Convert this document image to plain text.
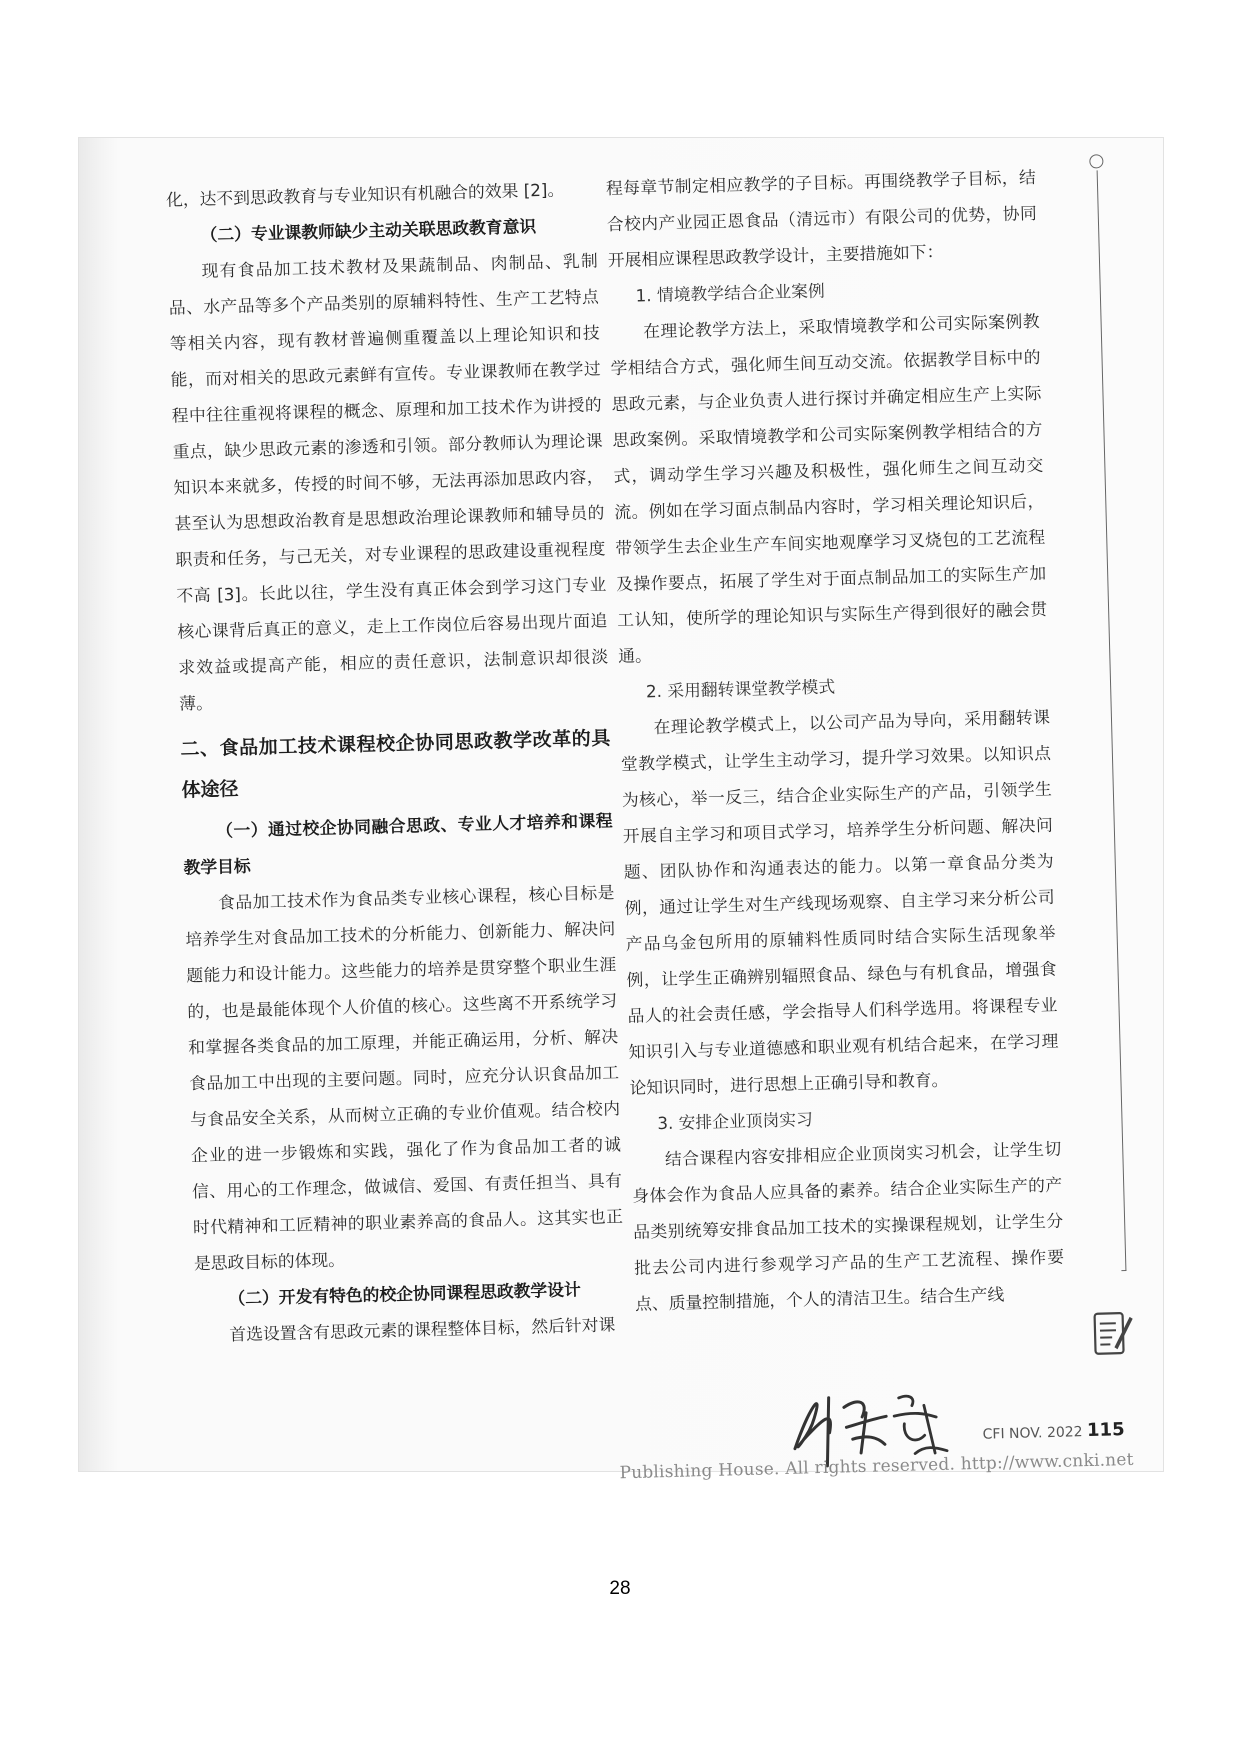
化，达不到思政教育与专业知识有机融合的效果 [2]。

（二）专业课教师缺少主动关联思政教育意识

现有食品加工技术教材及果蔬制品、肉制品、乳制品、水产品等多个产品类别的原辅料特性、生产工艺特点等相关内容，现有教材普遍侧重覆盖以上理论知识和技能，而对相关的思政元素鲜有宣传。专业课教师在教学过程中往往重视将课程的概念、原理和加工技术作为讲授的重点，缺少思政元素的渗透和引领。部分教师认为理论课知识本来就多，传授的时间不够，无法再添加思政内容，甚至认为思想政治教育是思想政治理论课教师和辅导员的职责和任务，与己无关，对专业课程的思政建设重视程度不高 [3]。长此以往，学生没有真正体会到学习这门专业核心课背后真正的意义，走上工作岗位后容易出现片面追求效益或提高产能，相应的责任意识，法制意识却很淡薄。

二、食品加工技术课程校企协同思政教学改革的具体途径

（一）通过校企协同融合思政、专业人才培养和课程教学目标

食品加工技术作为食品类专业核心课程，核心目标是培养学生对食品加工技术的分析能力、创新能力、解决问题能力和设计能力。这些能力的培养是贯穿整个职业生涯的，也是最能体现个人价值的核心。这些离不开系统学习和掌握各类食品的加工原理，并能正确运用，分析、解决食品加工中出现的主要问题。同时，应充分认识食品加工与食品安全关系，从而树立正确的专业价值观。结合校内企业的进一步锻炼和实践，强化了作为食品加工者的诚信、用心的工作理念，做诚信、爱国、有责任担当、具有时代精神和工匠精神的职业素养高的食品人。这其实也正是思政目标的体现。

（二）开发有特色的校企协同课程思政教学设计

首选设置含有思政元素的课程整体目标，然后针对课

程每章节制定相应教学的子目标。再围绕教学子目标，结合校内产业园正恩食品（清远市）有限公司的优势，协同开展相应课程思政教学设计，主要措施如下：

1. 情境教学结合企业案例

在理论教学方法上，采取情境教学和公司实际案例教学相结合方式，强化师生间互动交流。依据教学目标中的思政元素，与企业负责人进行探讨并确定相应生产上实际思政案例。采取情境教学和公司实际案例教学相结合的方式，调动学生学习兴趣及积极性，强化师生之间互动交流。例如在学习面点制品内容时，学习相关理论知识后，带领学生去企业生产车间实地观摩学习叉烧包的工艺流程及操作要点，拓展了学生对于面点制品加工的实际生产加工认知，使所学的理论知识与实际生产得到很好的融会贯通。

2. 采用翻转课堂教学模式

在理论教学模式上，以公司产品为导向，采用翻转课堂教学模式，让学生主动学习，提升学习效果。以知识点为核心，举一反三，结合企业实际生产的产品，引领学生开展自主学习和项目式学习，培养学生分析问题、解决问题、团队协作和沟通表达的能力。以第一章食品分类为例，通过让学生对生产线现场观察、自主学习来分析公司产品乌金包所用的原辅料性质同时结合实际生活现象举例，让学生正确辨别辐照食品、绿色与有机食品，增强食品人的社会责任感，学会指导人们科学选用。将课程专业知识引入与专业道德感和职业观有机结合起来，在学习理论知识同时，进行思想上正确引导和教育。

3. 安排企业顶岗实习

结合课程内容安排相应企业顶岗实习机会，让学生切身体会作为食品人应具备的素养。结合企业实际生产的产品类别统筹安排食品加工技术的实操课程规划，让学生分批去公司内进行参观学习产品的生产工艺流程、操作要点、质量控制措施，个人的清洁卫生。结合生产线

CFI NOV. 2022 115
Publishing House. All rights reserved. http://www.cnki.net
28
